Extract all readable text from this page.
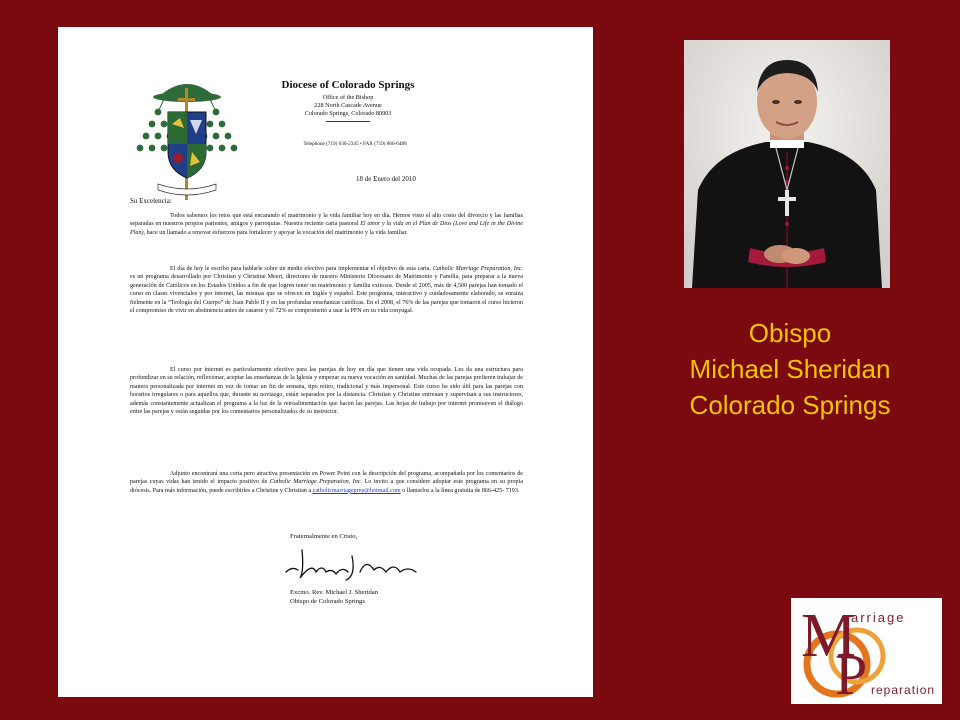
Diocese of Colorado Springs
Office of the Bishop
228 North Cascade Avenue
Colorado Springs, Colorado 80903
Telephone (719) 636-2345 • FAX (719) 866-6488
18 de Enero del 2010
Su Excelencia:

Todos sabemos los retos que está encarando el matrimonio y la vida familiar hoy en día. Hemos visto el alto costo del divorcio y las familias separadas en nuestros propios parientes, amigos y parroquias. Nuestra reciente carta pastoral El amor y la vida en el Plan de Dios (Love and Life in the Divine Plan), hace un llamado a renovar esfuerzos para fortalecer y apoyar la vocación del matrimonio y la vida familiar.

El día de hoy le escribo para hablarle sobre un medio efectivo para implementar el objetivo de esta carta. Catholic Marriage Preparation, Inc. es un programa desarrollado por Christian y Christine Meert, directores de nuestro Ministerio Diocesano de Matrimonio y Familia, para preparar a la nueva generación de Católicos en los Estados Unidos a fin de que logren tener un matrimonio y familia exitosos. Desde el 2005, más de 4,500 parejas han tomado el curso en clases vivenciales y por internet, las mismas que se ofrecen en inglés y español. Este programa, interactivo y cuidadosamente elaborado, se enraiza fielmente en la “Teología del Cuerpo” de Juan Pablo II y en las profundas enseñanzas católicas. En el 2008, el 76% de las parejas que tomaron el curso hicieron el compromiso de vivir en abstinencia antes de casarse y el 72% se comprometió a usar la PFN en su vida conyugal.

El curso por internet es particularmente efectivo para las parejas de hoy en día que tienen una vida ocupada. Les da una estructura para profundizar en su relación, reflexionar, aceptar las enseñanzas de la Iglesia y empezar su nueva vocación en santidad. Muchas de las parejas prefieren trabajar de manera personalizada por internet en vez de tomar un fin de semana, tipo retiro, tradicional y más impersonal. Este curso ha sido útil para las parejas con horarios irregulares o para aquellos que, durante su noviazgo, están separados por la distancia. Christian y Christine entrenan y supervisan a sus instructores, además constantemente actualizan el programa a la luz de la retroalimentación que hacen las parejas. Las hojas de trabajo por internet promueven el diálogo entre las parejas y están seguidas por los comentarios personalizados de su instructor.

Adjunto encontrará una corta pero atractiva presentación en Power Point con la descripción del programa, acompañada por los comentarios de parejas cuyas vidas han tenido el impacto positivo de Catholic Marriage Preparation, Inc. Lo invito a que considere adoptar este programa en su propia diócesis. Para más información, puede escribirles a Christine y Christian a catholicmarriageprep@hotmail.com o llamarlos a la línea gratuita de 866-425- 7193.

Fraternalmente en Cristo,
Excmo. Rev. Michael J. Sheridan
Obispo de Colorado Springs
Obispo
Michael Sheridan
Colorado Springs
M
arriage
P reparation
